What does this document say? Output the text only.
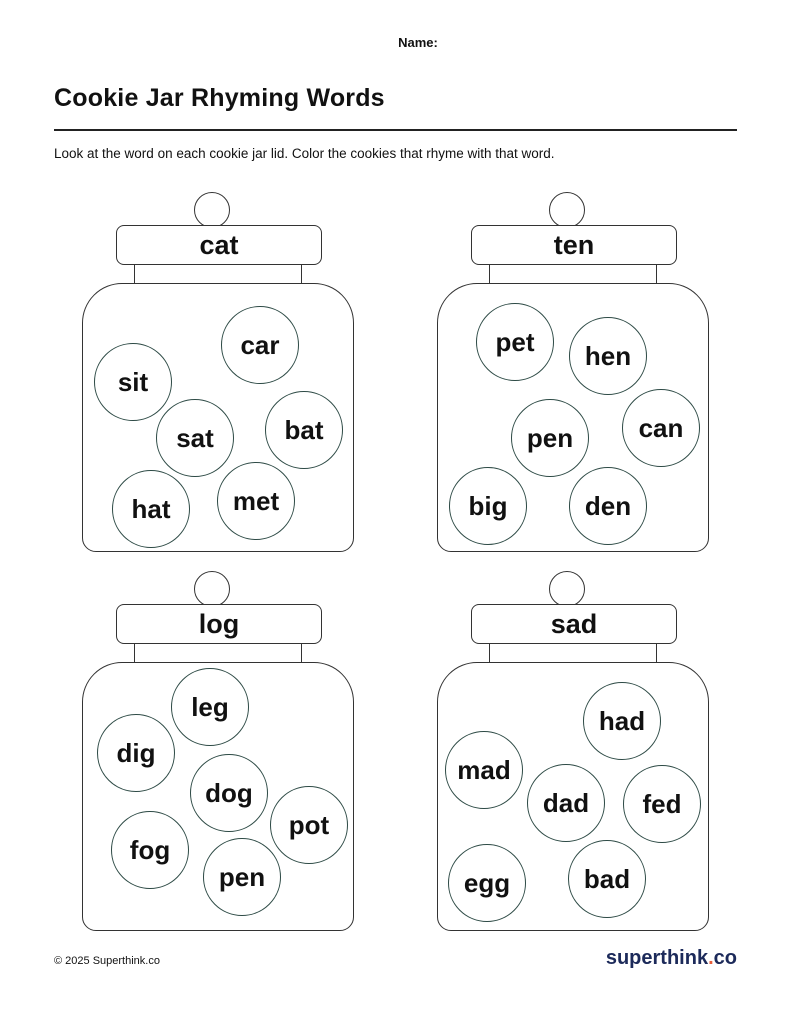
Name:
Cookie Jar Rhyming Words
Look at the word on each cookie jar lid. Color the cookies that rhyme with that word.
cat
car
sit
sat	bat
hat	met
ten
pet	hen
pen	can
big	den
log
leg
dig
dog
pot
fog
pen
sad
had
mad
dad	fed
egg	bad
© 2025 Superthink.co	superthink.co
